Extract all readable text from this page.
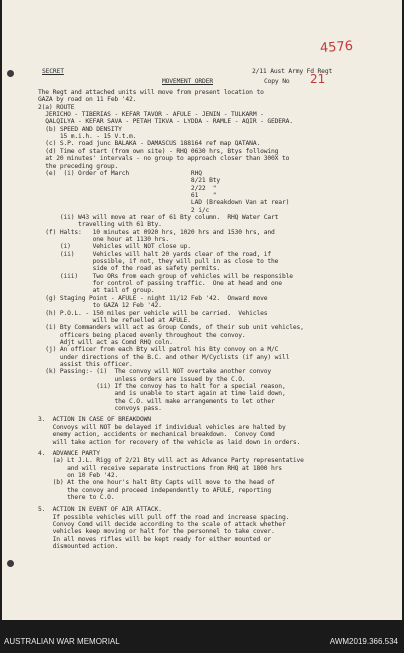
4576
SECRET	2/11 Aust Army Fd Regt
MOVEMENT ORDER	Copy No 21
The Regt and attached units will move from present location to
GAZA by road on 11 Feb '42.
2(a) ROUTE
JERICHO - TIBERIAS - KEFAR TAVOR - AFULE - JENIN - TULKARM -
QALQILYA - KEFAR SAVA - PETAH TIKVA - LYDDA - RAMLE - AQIR - GEDERA.
(b) SPEED AND DENSITY
15 m.i.h. - 15 V.t.m.
(c) S.P. road junc BALAKA - DAMASCUS 188164 ref map QATANA.
(d) Time of start (from own site) - RHQ 0630 hrs, Btys following
at 20 minutes' intervals - no group to approach closer than 300X to
the preceding group.
(e)  (i) Order of March                 RHQ
8/21 Bty
2/22  "
61    "
LAD (Breakdown Van at rear)
2 i/c
(ii) W43 will move at rear of 61 Bty column.  RHQ Water Cart
travelling with 61 Bty.
(f) Halts:   10 minutes at 0920 hrs, 1020 hrs and 1530 hrs, and
one hour at 1130 hrs.
(i)      Vehicles will NOT close up.
(ii)     Vehicles will halt 20 yards clear of the road, if
possible, if not, they will pull in as close to the
side of the road as safety permits.
(iii)    Two ORs from each group of vehicles will be responsible
for control of passing traffic.  One at head and one
at tail of group.
(g) Staging Point - AFULE - night 11/12 Feb '42.  Onward move
to GAZA 12 Feb '42.
(h) P.O.L. - 150 miles per vehicle will be carried.  Vehicles
will be refuelled at AFULE.
(i) Bty Commanders will act as Group Comds, of their sub unit vehicles,
officers being placed evenly throughout the convoy.
Adjt will act as Comd RHQ coln.
(j) An officer from each Bty will patrol his Bty convoy on a M/C
under directions of the B.C. and other M/Cyclists (if any) will
assist this officer.
(k) Passing:- (i)  The convoy will NOT overtake another convoy
unless orders are issued by the C.O.
(ii) If the convoy has to halt for a special reason,
and is unable to start again at time laid down,
the C.O. will make arrangements to let other
convoys pass.
3.  ACTION IN CASE OF BREAKDOWN
Convoys will NOT be delayed if individual vehicles are halted by
enemy action, accidents or mechanical breakdown.  Convoy Comd
will take action for recovery of the vehicle as laid down in orders.
4.  ADVANCE PARTY
(a) Lt J.L. Rigg of 2/21 Bty will act as Advance Party representative
and will receive separate instructions from RHQ at 1800 hrs
on 10 Feb '42.
(b) At the one hour's halt Bty Capts will move to the head of
the convoy and proceed independently to AFULE, reporting
there to C.O.
5.  ACTION IN EVENT OF AIR ATTACK.
If possible vehicles will pull off the road and increase spacing.
Convoy Comd will decide according to the scale of attack whether
vehicles keep moving or halt for the personnel to take cover.
In all moves rifles will be kept ready for either mounted or
dismounted action.
AUSTRALIAN WAR MEMORIAL	AWM2019.366.534
